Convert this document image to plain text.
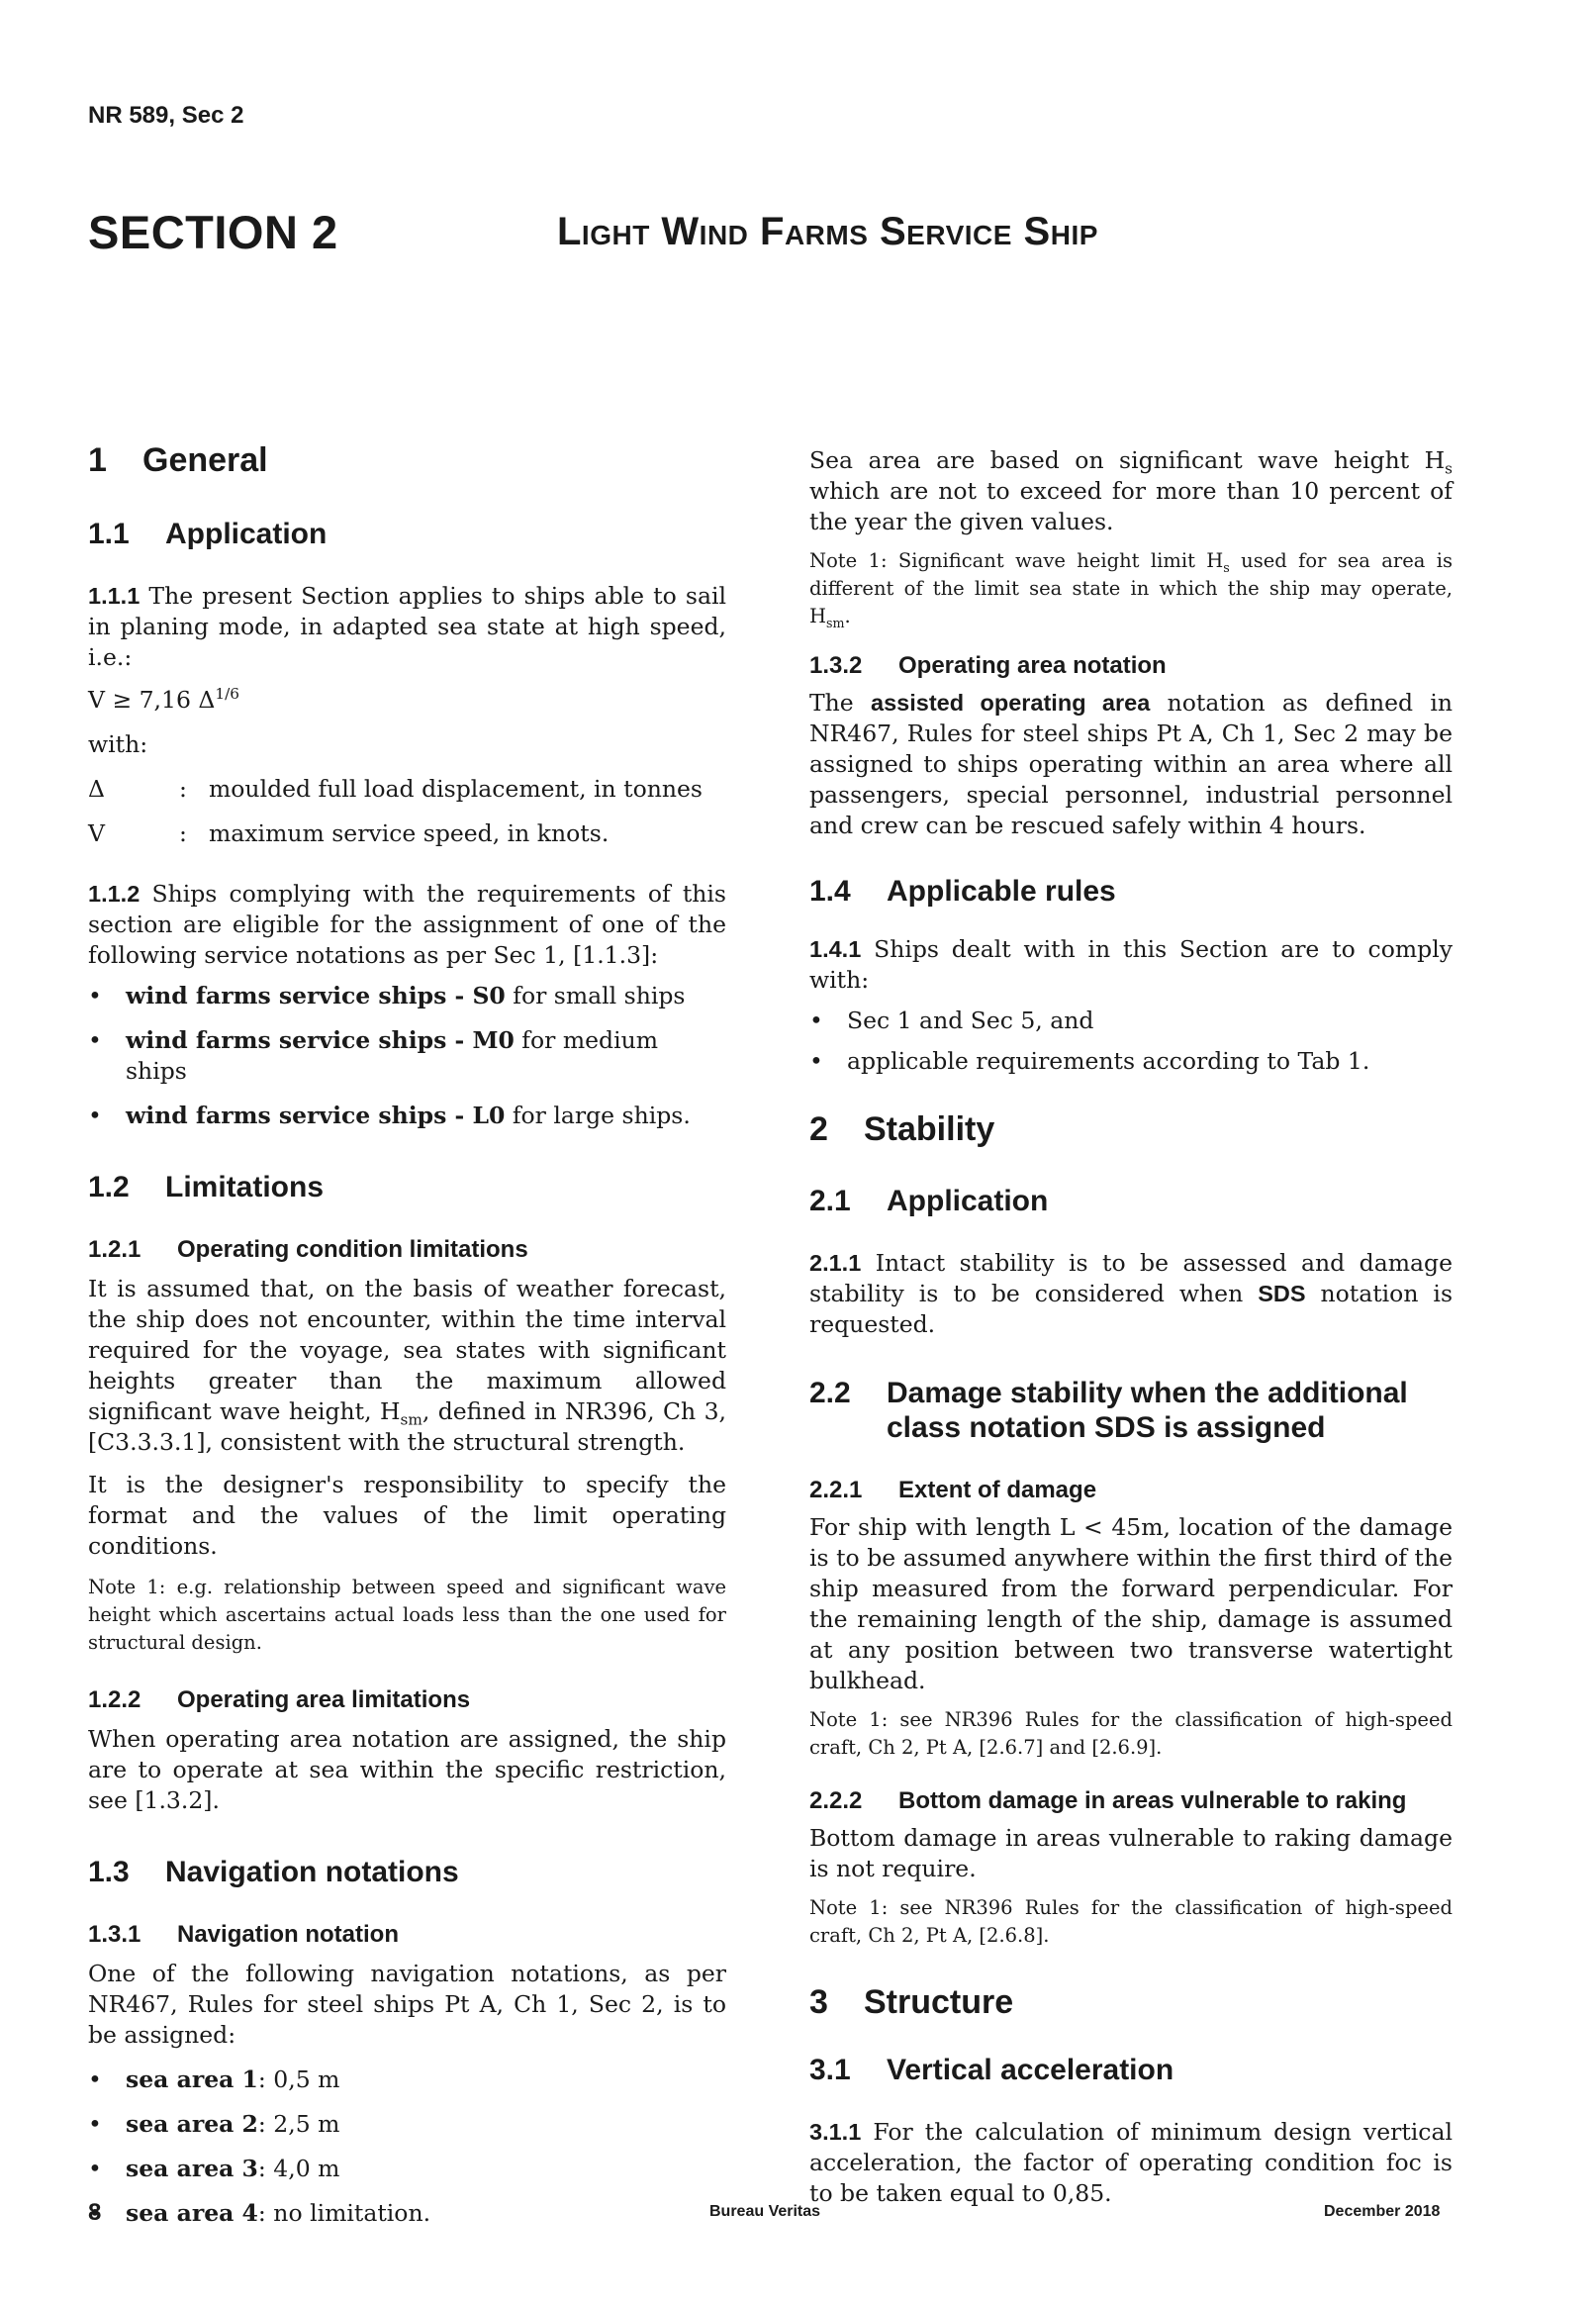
NR 589, Sec 2
SECTION 2	Light Wind Farms Service Ship
1 General
1.1 Application

1.1.1 The present Section applies to ships able to sail in planing mode, in adapted sea state at high speed, i.e.:

V ≥ 7,16 $\Delta^{1/6}$

with:

Δ	: moulded full load displacement, in tonnes
V	: maximum service speed, in knots.

1.1.2 Ships complying with the requirements of this section are eligible for the assignment of one of the following service notations as per Sec 1, [1.1.3]:

• wind farms service ships - S0 for small ships
• wind farms service ships - M0 for medium ships
• wind farms service ships - L0 for large ships.
1.2 Limitations
1.2.1 Operating condition limitations

It is assumed that, on the basis of weather forecast, the ship does not encounter, within the time interval required for the voyage, sea states with significant heights greater than the maximum allowed significant wave height, $H_{sm}$, defined in NR396, Ch 3, [C3.3.3.1], consistent with the structural strength.

It is the designer's responsibility to specify the format and the values of the limit operating conditions.

Note 1: e.g. relationship between speed and significant wave height which ascertains actual loads less than the one used for structural design.

1.2.2 Operating area limitations

When operating area notation are assigned, the ship are to operate at sea within the specific restriction, see [1.3.2].

1.3 Navigation notations
1.3.1 Navigation notation

One of the following navigation notations, as per NR467, Rules for steel ships Pt A, Ch 1, Sec 2, is to be assigned:

• sea area 1: 0,5 m
• sea area 2: 2,5 m
• sea area 3: 4,0 m
• sea area 4: no limitation.

Sea area are based on significant wave height $H_s$ which are not to exceed for more than 10 percent of the year the given values.

Note 1: Significant wave height limit $H_s$ used for sea area is different of the limit sea state in which the ship may operate, $H_{sm}$.

1.3.2 Operating area notation

The assisted operating area notation as defined in NR467, Rules for steel ships Pt A, Ch 1, Sec 2 may be assigned to ships operating within an area where all passengers, special personnel, industrial personnel and crew can be rescued safely within 4 hours.

1.4 Applicable rules

1.4.1 Ships dealt with in this Section are to comply with:

• Sec 1 and Sec 5, and
• applicable requirements according to Tab 1.
2 Stability
2.1 Application

2.1.1 Intact stability is to be assessed and damage stability is to be considered when SDS notation is requested.

2.2 Damage stability when the additional class notation SDS is assigned
2.2.1 Extent of damage

For ship with length L < 45m, location of the damage is to be assumed anywhere within the first third of the ship measured from the forward perpendicular. For the remaining length of the ship, damage is assumed at any position between two transverse watertight bulkhead.

Note 1: see NR396 Rules for the classification of high-speed craft, Ch 2, Pt A, [2.6.7] and [2.6.9].

2.2.2 Bottom damage in areas vulnerable to raking

Bottom damage in areas vulnerable to raking damage is not require.

Note 1: see NR396 Rules for the classification of high-speed craft, Ch 2, Pt A, [2.6.8].

3 Structure
3.1 Vertical acceleration

3.1.1 For the calculation of minimum design vertical acceleration, the factor of operating condition foc is to be taken equal to 0,85.

8	Bureau Veritas	December 2018
